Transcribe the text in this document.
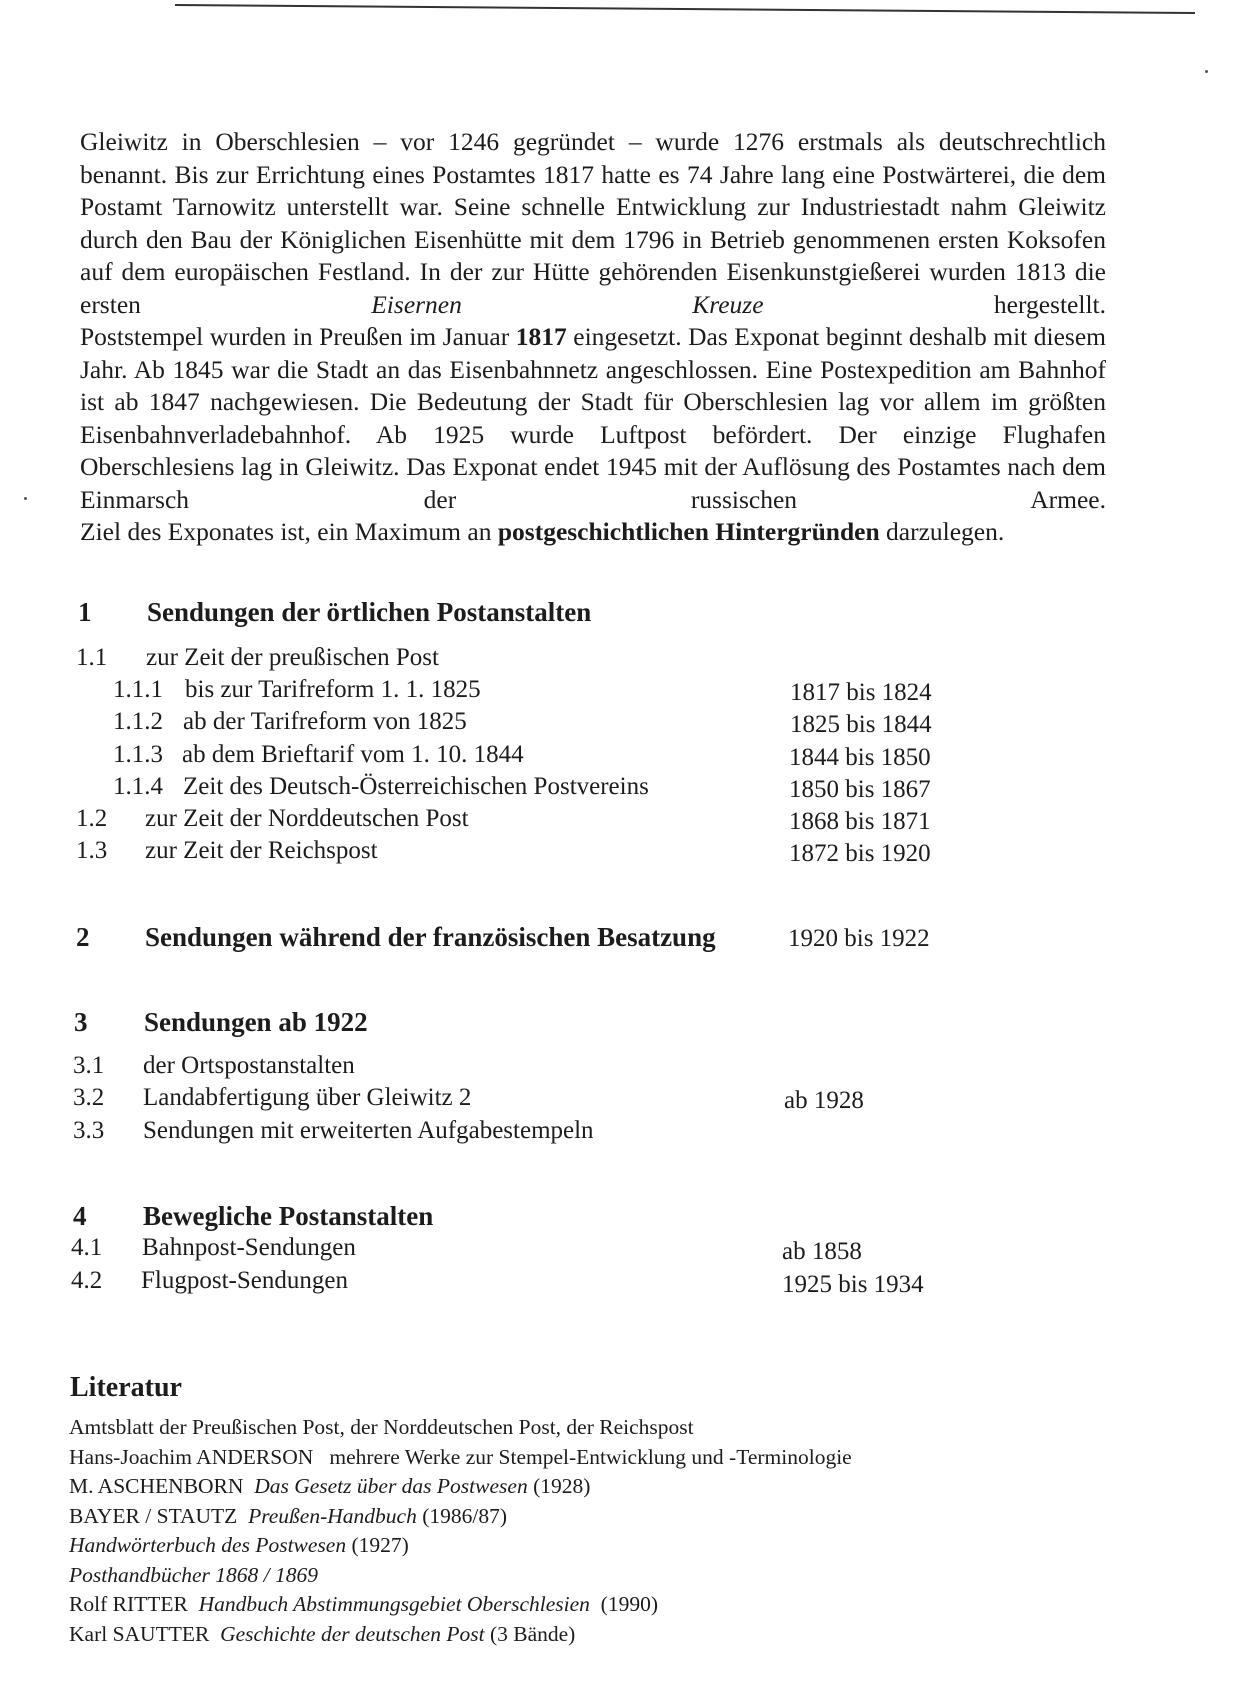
Gleiwitz in Oberschlesien – vor 1246 gegründet – wurde 1276 erstmals als deutschrechtlich benannt. Bis zur Errichtung eines Postamtes 1817 hatte es 74 Jahre lang eine Postwärterei, die dem Postamt Tarnowitz unterstellt war. Seine schnelle Entwicklung zur Industriestadt nahm Gleiwitz durch den Bau der Königlichen Eisenhütte mit dem 1796 in Betrieb genommenen ersten Koksofen auf dem europäischen Festland. In der zur Hütte gehörenden Eisenkunstgießerei wurden 1813 die ersten	Eisernen Kreuze	hergestellt.

Poststempel wurden in Preußen im Januar 1817 eingesetzt. Das Exponat beginnt deshalb mit diesem Jahr. Ab 1845 war die Stadt an das Eisenbahnnetz angeschlossen. Eine Postexpedition am Bahnhof ist ab 1847 nachgewiesen. Die Bedeutung der Stadt für Oberschlesien lag vor allem im größten Eisenbahnverladebahnhof. Ab 1925 wurde Luftpost befördert. Der einzige Flughafen Oberschlesiens lag in Gleiwitz. Das Exponat endet 1945 mit der Auflösung des Postamtes nach dem Einmarsch der russischen Armee.

Ziel des Exponates ist, ein Maximum an postgeschichtlichen Hintergründen darzulegen.

1 Sendungen der örtlichen Postanstalten
1.1 zur Zeit der preußischen Post
1.1.1 bis zur Tarifreform 1. 1. 1825	1817 bis 1824
1.1.2 ab der Tarifreform von 1825	1825 bis 1844
1.1.3 ab dem Brieftarif vom 1. 10. 1844	1844 bis 1850
1.1.4 Zeit des Deutsch-Österreichischen Postvereins	1850 bis 1867
1.2 zur Zeit der Norddeutschen Post	1868 bis 1871
1.3 zur Zeit der Reichspost	1872 bis 1920
2 Sendungen während der französischen Besatzung	1920 bis 1922
3 Sendungen ab 1922
3.1 der Ortspostanstalten
3.2 Landabfertigung über Gleiwitz 2	ab 1928
3.3 Sendungen mit erweiterten Aufgabestempeln
4 Bewegliche Postanstalten
4.1 Bahnpost-Sendungen	ab 1858
4.2 Flugpost-Sendungen	1925 bis 1934
Literatur
Amtsblatt der Preußischen Post, der Norddeutschen Post, der Reichspost
Hans-Joachim ANDERSON mehrere Werke zur Stempel-Entwicklung und -Terminologie
M. ASCHENBORN Das Gesetz über das Postwesen (1928)
BAYER / STAUTZ Preußen-Handbuch (1986/87)
Handwörterbuch des Postwesen (1927)
Posthandbücher 1868 / 1869
Rolf RITTER Handbuch Abstimmungsgebiet Oberschlesien (1990)
Karl SAUTTER Geschichte der deutschen Post (3 Bände)
